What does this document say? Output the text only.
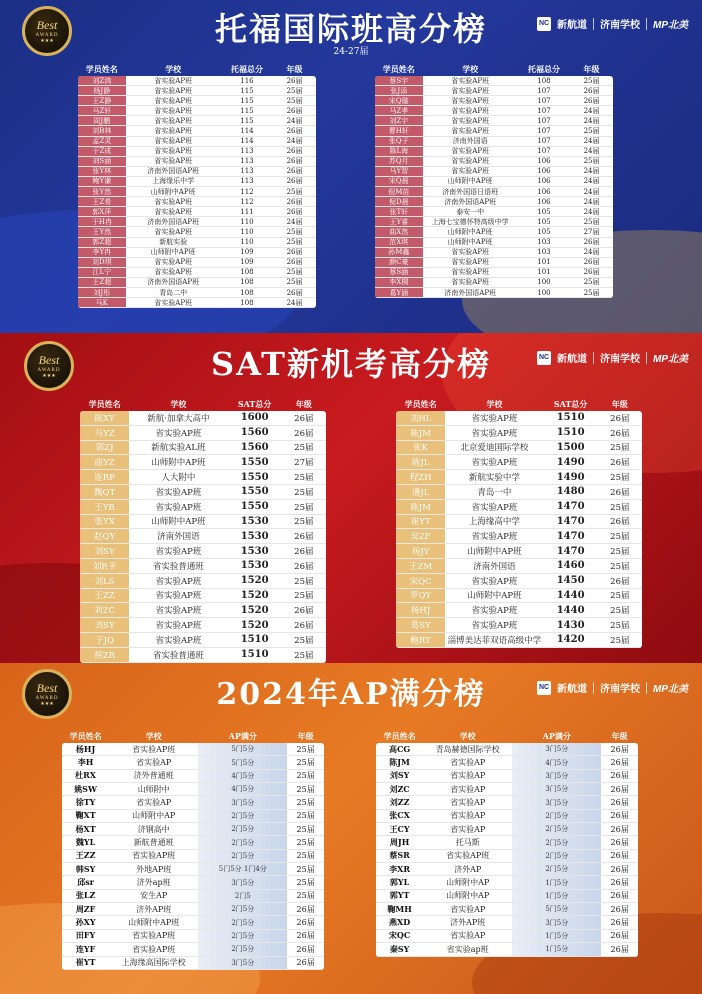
Best
AWARD
★★★	托福国际班高分榜
24-27届
NC 新航道 济南学校 MP北美
学员姓名	学校	托福总分	年级
刘Z鸿	省实验AP班	116	26届
杨J静	省实验AP班	115	25届
王Z静	省实验AP班	115	25届
马Z轩	省实验AP班	115	26届
周J鹏	省实验AP班	115	24届
刘B林	省实验AP班	114	26届
孟Z灵	省实验AP班	114	24届
于Z成	省实验AP班	113	26届
刘S涵	省实验AP班	113	26届
张Y林	济南外国语AP班	113	26届
鲍Y谦	上海缘乐中学	113	26届
张Y然	山师附中AP班	112	25届
王Z希	省实验AP班	112	26届
郭X萍	省实验AP班	111	26届
于H冉	济南外国语AP班	110	24届
王Y然	省实验AP班	110	25届
郭Z超	新航实验	110	25届
李Y冉	山师附中AP班	109	26届
刘D琪	省实验AP班	109	26届
江L宁	省实验AP班	108	25届
王Z超	济南外国语AP班	108	25届
刘J彤	青岛二中	108	26届
马K	省实验AP班	108	24届
学员姓名	学校	托福总分	年级
蔡S宇	省实验AP班	108	25届
张J添	省实验AP班	107	26届
宋Q璇	省实验AP班	107	26届
马Z孝	省实验AP班	107	24届
刘Z宇	省实验AP班	107	24届
曹H轩	省实验AP班	107	25届
张Q子	济南外国语	107	24届
陈L海	省实验AP班	107	24届
苏Q月	省实验AP班	106	25届
马Y智	省实验AP班	106	24届
宋Q晨	山师附中AP班	106	24届
倪M苗	济南外国语日语班	106	24届
倪D晨	济南外国语AP班	106	24届
张T轩	泰安一中	105	24届
王Y睿	上海七宝德怀特高级中学	105	25届
曲X然	山师附中AP班	105	27届
范X琪	山师附中AP班	103	26届
孙M鑫	省实验AP班	103	24届
颜C豪	省实验AP班	101	26届
蔡S涵	省实验AP班	101	26届
李X桐	省实验AP班	100	25届
葛Y涵	济南外国语AP班	100	25届
Best
AWARD
★★★	SAT新机考高分榜	NC 新航道 济南学校 MP北美
学员姓名	学校	SAT总分	年级
陈XY	新航·加拿大高中	1600	26届
马YZ	省实验AP班	1560	26届
郭ZJ	新航实验AL班	1560	25届
曲YZ	山师附中AP班	1550	27届
连RP	人大附中	1550	25届
魏QT	省实验AP班	1550	25届
王YR	省实验AP班	1550	25届
张YX	山师附中AP班	1530	25届
赵QY	济南外国语	1530	26届
刘SY	省实验AP班	1530	26届
刘R予	省实验普通班	1530	26届
刘LS	省实验AP班	1520	25届
王ZZ	省实验AP班	1520	25届
刘ZC	省实验AP班	1520	26届
刘SY	省实验AP班	1520	26届
于JQ	省实验AP班	1510	25届
侯ZR	省实验普通班	1510	25届
学员姓名	学校	SAT总分	年级
刘HL	省实验AP班	1510	26届
陈JM	省实验AP班	1510	26届
张K	北京爱迪国际学校	1500	25届
陈JL	省实验AP班	1490	26届
程ZH	新航实验中学	1490	25届
潘JL	青岛一中	1480	26届
陈JM	省实验AP班	1470	25届
崔YT	上海缘高中学	1470	26届
吴ZF	省实验AP班	1470	25届
杨JY	山师附中AP班	1470	25届
王ZM	济南外国语	1460	25届
宋QC	省实验AP班	1450	26届
罗QY	山师附中AP班	1440	25届
杨HJ	省实验AP班	1440	25届
葛SY	省实验AP班	1430	25届
鲍RT	淄博美达菲双语高级中学	1420	25届
Best
AWARD
★★★	2024年AP满分榜	NC 新航道 济南学校 MP北美
学员姓名	学校	AP满分	年级
杨HJ	省实验AP班	5门5分	25届
李H	省实验AP	5门5分	25届
杜RX	济外普通班	4门5分	25届
姚SW	山师附中	4门5分	25届
徐TY	省实验AP	3门5分	25届
鞠XT	山师附中AP	2门5分	25届
杨XT	济钢高中	2门5分	25届
魏YL	新航普通班	2门5分	25届
王ZZ	省实验AP班	2门5分	25届
韩SY	外地AP班	5门5分 1门4分	25届
邱sr	济外ap班	3门5分	25届
张LZ	安生AP	2门5	25届
周ZF	济外AP班	2门5分	26届
孙XY	山师附中AP班	2门5分	26届
田FY	省实验AP班	2门5分	26届
连YF	省实验AP班	2门5分	26届
崔YT	上海缘高国际学校	3门5分	26届
学员姓名	学校	AP满分	年级
高CG	青岛赫德国际学校	3门5分	26届
陈JM	省实验AP	4门5分	26届
刘SY	省实验AP	3门5分	26届
刘ZC	省实验AP	3门5分	26届
刘ZZ	省实验AP	3门5分	26届
张CX	省实验AP	2门5分	26届
王CY	省实验AP	2门5分	26届
周JH	托马斯	2门5分	26届
蔡SR	省实验AP班	2门5分	26届
李XR	济外AP	2门5分	26届
郭YL	山师附中AP	1门5分	26届
郭YT	山师附中AP	1门5分	26届
鞠MH	省实验AP	5门5分	26届
燕XD	济外AP班	3门5分	26届
宋QC	省实验AP	1门5分	26届
秦SY	省实验ap班	1门5分	26届
